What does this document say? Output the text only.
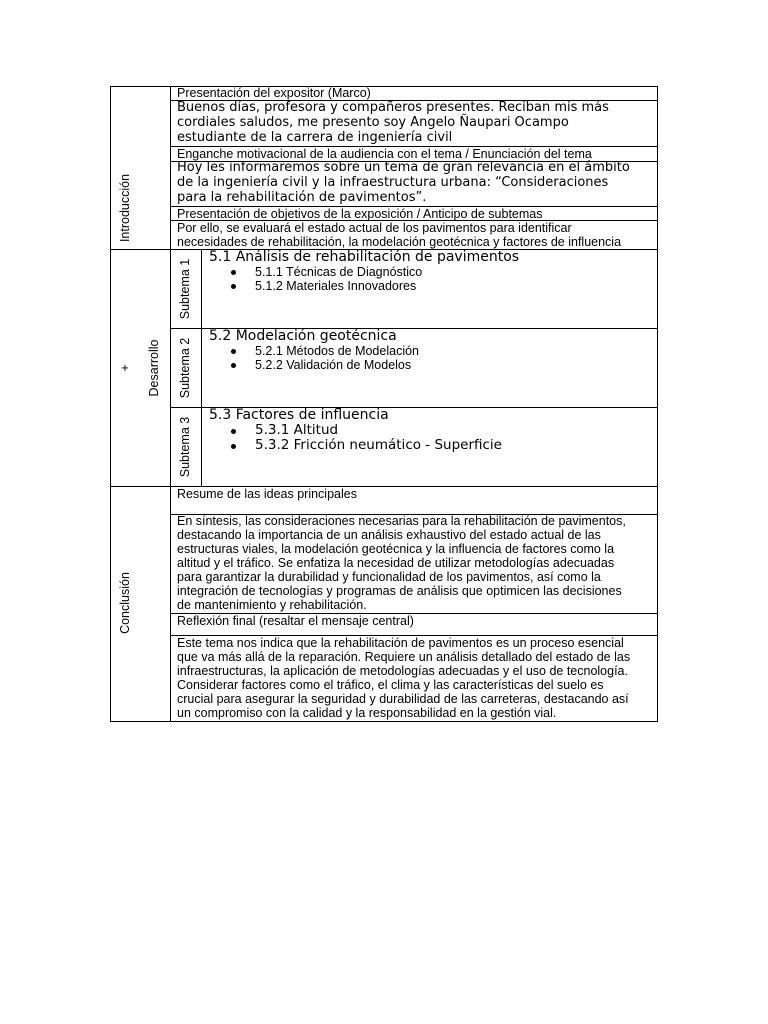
Introducción
+ Desarrollo
Conclusión
Presentación del expositor (Marco)
Buenos días, profesora y compañeros presentes. Reciban mis más
cordiales saludos, me presento soy Angelo Ñaupari Ocampo
estudiante de la carrera de ingeniería civil
Enganche motivacional de la audiencia con el tema / Enunciación del tema
Hoy les informaremos sobre un tema de gran relevancia en el ámbito
de la ingeniería civil y la infraestructura urbana: “Consideraciones
para la rehabilitación de pavimentos”.
Presentación de objetivos de la exposición / Anticipo de subtemas
Por ello, se evaluará el estado actual de los pavimentos para identificar
necesidades de rehabilitación, la modelación geotécnica y factores de influencia
Subtema 1
5.1 Análisis de rehabilitación de pavimentos
5.1.1 Técnicas de Diagnóstico
5.1.2 Materiales Innovadores
Subtema 2
5.2 Modelación geotécnica
5.2.1 Métodos de Modelación
5.2.2 Validación de Modelos
Subtema 3
5.3 Factores de influencia
5.3.1 Altitud
5.3.2 Fricción neumático - Superficie
Resume de las ideas principales
En síntesis, las consideraciones necesarias para la rehabilitación de pavimentos,
destacando la importancia de un análisis exhaustivo del estado actual de las
estructuras viales, la modelación geotécnica y la influencia de factores como la
altitud y el tráfico. Se enfatiza la necesidad de utilizar metodologías adecuadas
para garantizar la durabilidad y funcionalidad de los pavimentos, así como la
integración de tecnologías y programas de análisis que optimicen las decisiones
de mantenimiento y rehabilitación.
Reflexión final (resaltar el mensaje central)
Este tema nos indica que la rehabilitación de pavimentos es un proceso esencial
que va más allá de la reparación. Requiere un análisis detallado del estado de las
infraestructuras, la aplicación de metodologías adecuadas y el uso de tecnología.
Considerar factores como el tráfico, el clima y las características del suelo es
crucial para asegurar la seguridad y durabilidad de las carreteras, destacando así
un compromiso con la calidad y la responsabilidad en la gestión vial.
